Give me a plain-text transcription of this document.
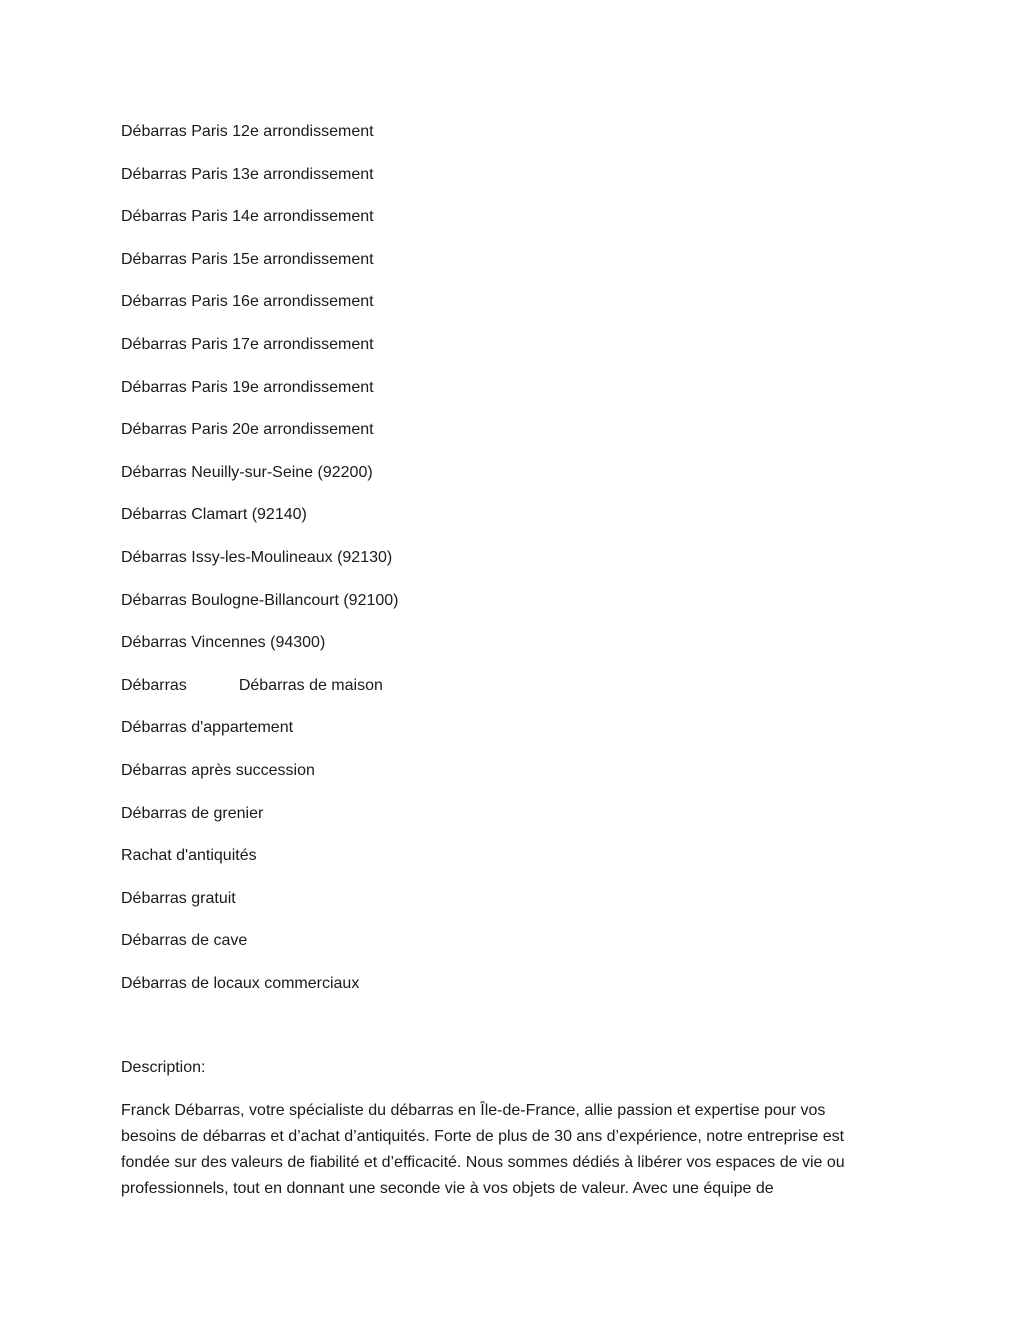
Débarras Paris 12e arrondissement
Débarras Paris 13e arrondissement
Débarras Paris 14e arrondissement
Débarras Paris 15e arrondissement
Débarras Paris 16e arrondissement
Débarras Paris 17e arrondissement
Débarras Paris 19e arrondissement
Débarras Paris 20e arrondissement
Débarras Neuilly-sur-Seine (92200)
Débarras Clamart (92140)
Débarras Issy-les-Moulineaux (92130)
Débarras Boulogne-Billancourt (92100)
Débarras Vincennes (94300)
Débarras	Débarras de maison
Débarras d'appartement
Débarras après succession
Débarras de grenier
Rachat d'antiquités
Débarras gratuit
Débarras de cave
Débarras de locaux commerciaux

Description:

Franck Débarras, votre spécialiste du débarras en Île-de-France, allie passion et expertise pour vos
besoins de débarras et d’achat d’antiquités. Forte de plus de 30 ans d’expérience, notre entreprise est
fondée sur des valeurs de fiabilité et d’efficacité. Nous sommes dédiés à libérer vos espaces de vie ou
professionnels, tout en donnant une seconde vie à vos objets de valeur. Avec une équipe de
